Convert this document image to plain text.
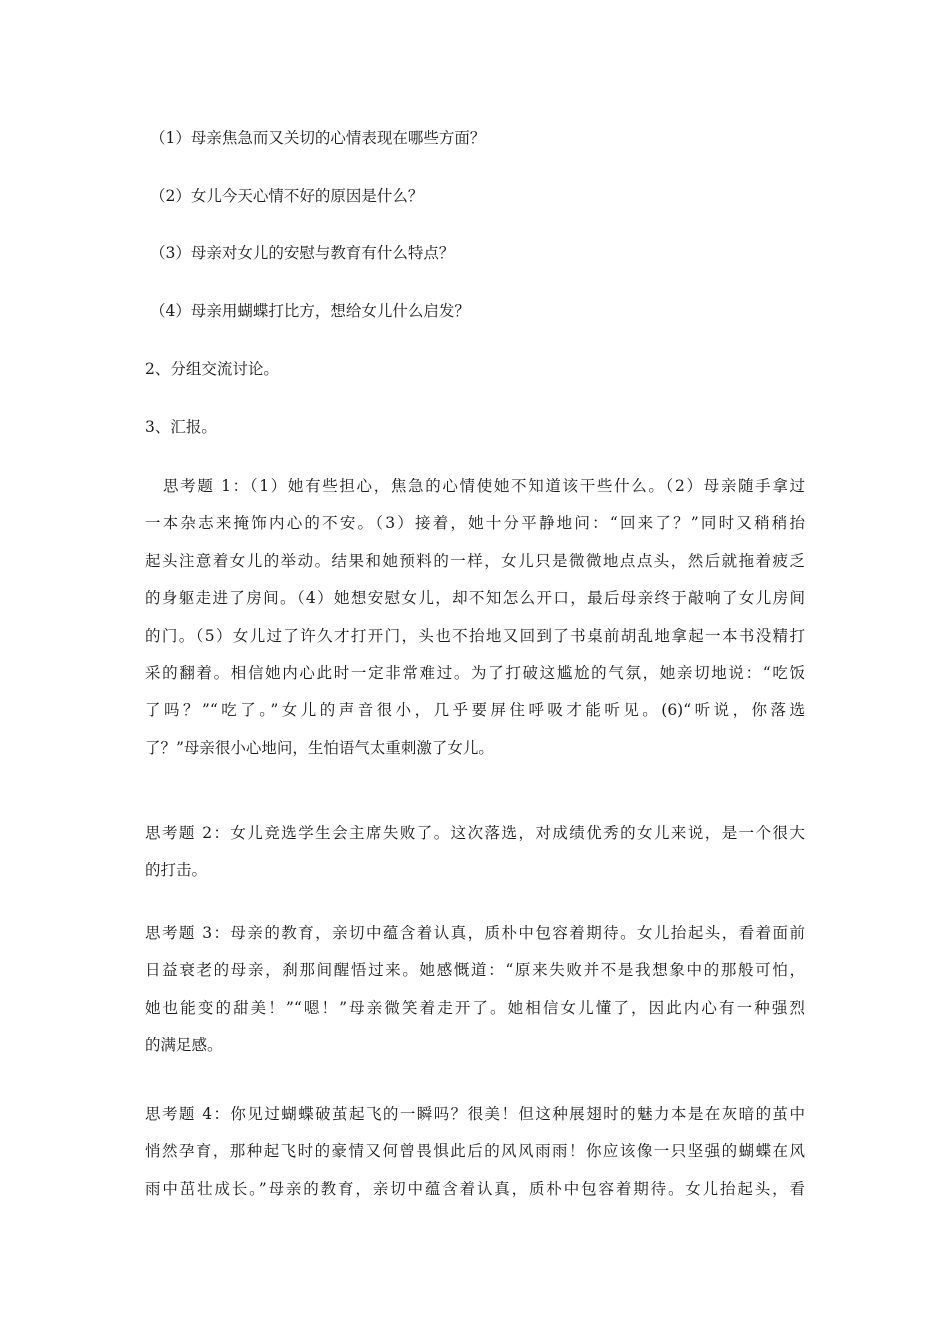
（1）母亲焦急而又关切的心情表现在哪些方面？
（2）女儿今天心情不好的原因是什么？
（3）母亲对女儿的安慰与教育有什么特点？
（4）母亲用蝴蝶打比方，想给女儿什么启发？
2、分组交流讨论。
3、汇报。
思考题 1：（1）她有些担心，焦急的心情使她不知道该干些什么。（2）母亲随手拿过
一本杂志来掩饰内心的不安。（3）接着，她十分平静地问：“回来了？”同时又稍稍抬
起头注意着女儿的举动。结果和她预料的一样，女儿只是微微地点点头，然后就拖着疲乏
的身躯走进了房间。（4）她想安慰女儿，却不知怎么开口，最后母亲终于敲响了女儿房间
的门。（5）女儿过了许久才打开门，头也不抬地又回到了书桌前胡乱地拿起一本书没精打
采的翻着。相信她内心此时一定非常难过。为了打破这尴尬的气氛，她亲切地说：“吃饭
了吗？”“吃了。”女儿的声音很小，几乎要屏住呼吸才能听见。(6)“听说，你落选
了？”母亲很小心地问，生怕语气太重刺激了女儿。
思考题 2：女儿竞选学生会主席失败了。这次落选，对成绩优秀的女儿来说，是一个很大
的打击。
思考题 3：母亲的教育，亲切中蕴含着认真，质朴中包容着期待。女儿抬起头，看着面前
日益衰老的母亲，刹那间醒悟过来。她感慨道：“原来失败并不是我想象中的那般可怕，
她也能变的甜美！”“嗯！”母亲微笑着走开了。她相信女儿懂了，因此内心有一种强烈
的满足感。
思考题 4：你见过蝴蝶破茧起飞的一瞬吗？很美！但这种展翅时的魅力本是在灰暗的茧中
悄然孕育，那种起飞时的豪情又何曾畏惧此后的风风雨雨！你应该像一只坚强的蝴蝶在风
雨中茁壮成长。”母亲的教育，亲切中蕴含着认真，质朴中包容着期待。女儿抬起头，看
